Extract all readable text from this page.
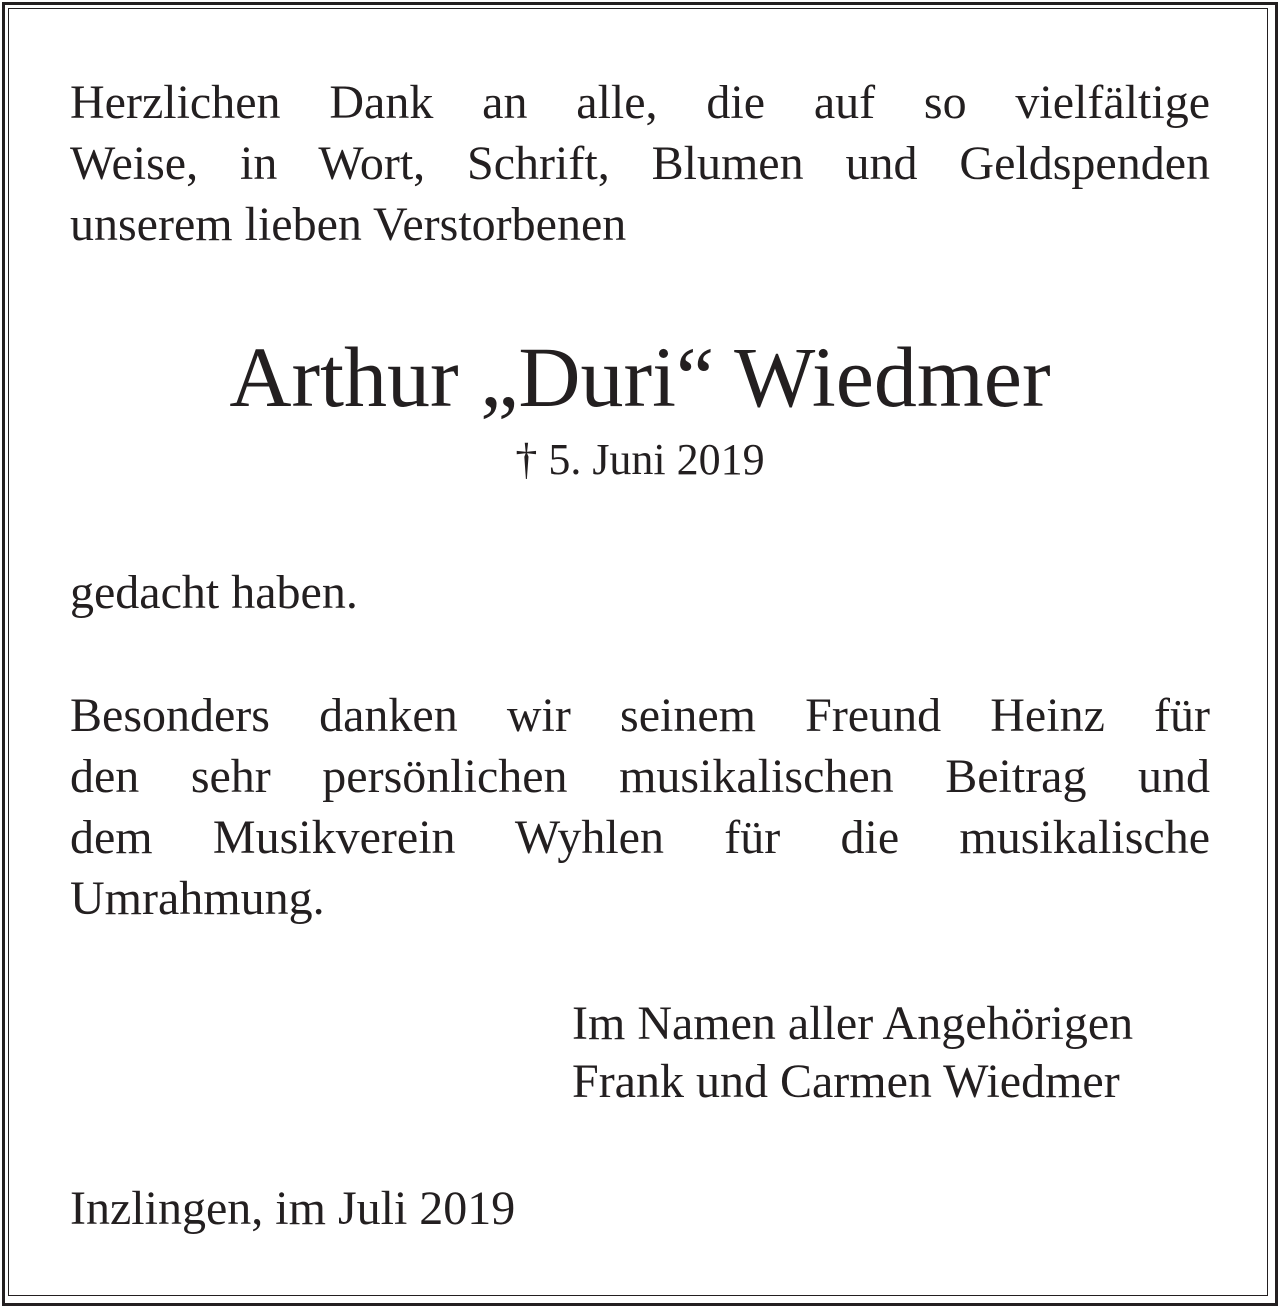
Herzlichen Dank an alle, die auf so vielfältige
Weise, in Wort, Schrift, Blumen und Geldspenden
unserem lieben Verstorbenen
Arthur „Duri“ Wiedmer
† 5. Juni 2019
gedacht haben.
Besonders danken wir seinem Freund Heinz für
den sehr persönlichen musikalischen Beitrag und
dem Musikverein Wyhlen für die musikalische
Umrahmung.
Im Namen aller Angehörigen
Frank und Carmen Wiedmer
Inzlingen, im Juli 2019
